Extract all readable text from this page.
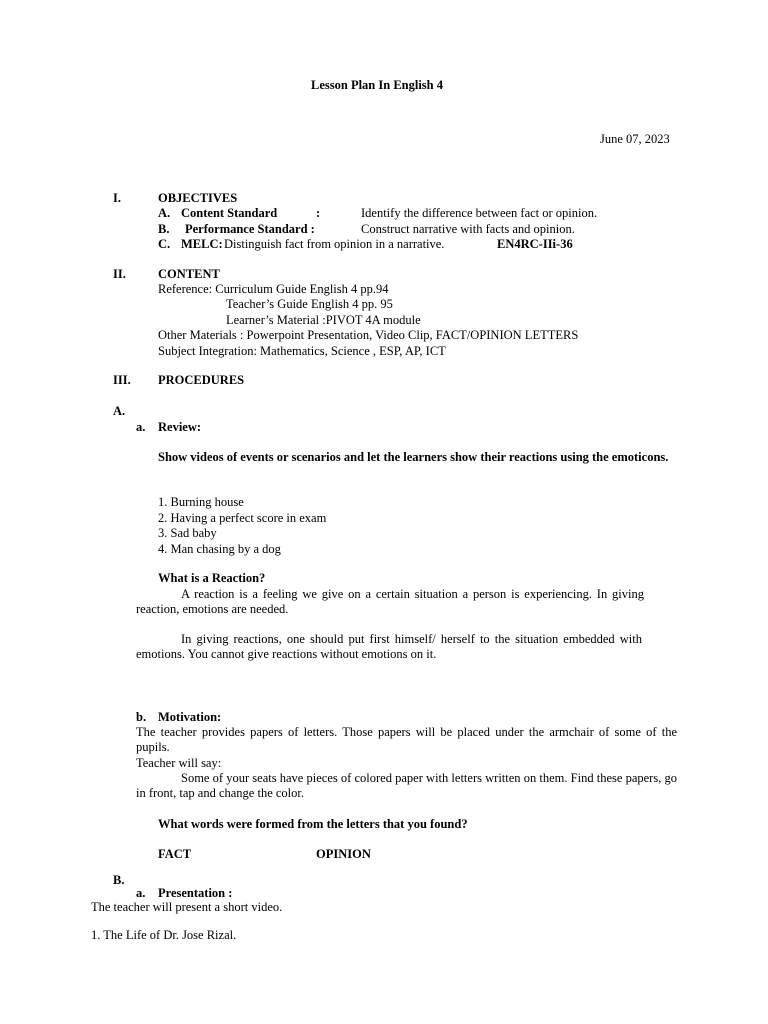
Lesson Plan In English 4
June 07, 2023
I.	OBJECTIVES
A. Content Standard	:	Identify the difference between fact or opinion.
B. Performance Standard :	Construct narrative with facts and opinion.
C. MELC: Distinguish fact from opinion in a narrative.	EN4RC-IIi-36
II.	CONTENT
Reference: Curriculum Guide English 4 pp.94
Teacher’s Guide English 4 pp. 95
Learner’s Material :PIVOT 4A module
Other Materials : Powerpoint Presentation, Video Clip, FACT/OPINION LETTERS
Subject Integration: Mathematics, Science , ESP, AP, ICT
III. PROCEDURES
A.
a. Review:
Show videos of events or scenarios and let the learners show their reactions using the emoticons.
1. Burning house
2. Having a perfect score in exam
3. Sad baby
4. Man chasing by a dog
What is a Reaction?
A reaction is a feeling we give on a certain situation a person is experiencing. In giving reaction, emotions are needed.
In giving reactions, one should put first himself/ herself to the situation embedded with emotions. You cannot give reactions without emotions on it.
b. Motivation:
The teacher provides papers of letters. Those papers will be placed under the armchair of some of the pupils.
Teacher will say:
Some of your seats have pieces of colored paper with letters written on them. Find these papers, go in front, tap and change the color.
What words were formed from the letters that you found?
FACT	OPINION
B.
a. Presentation :
The teacher will present a short video.
1. The Life of Dr. Jose Rizal.
